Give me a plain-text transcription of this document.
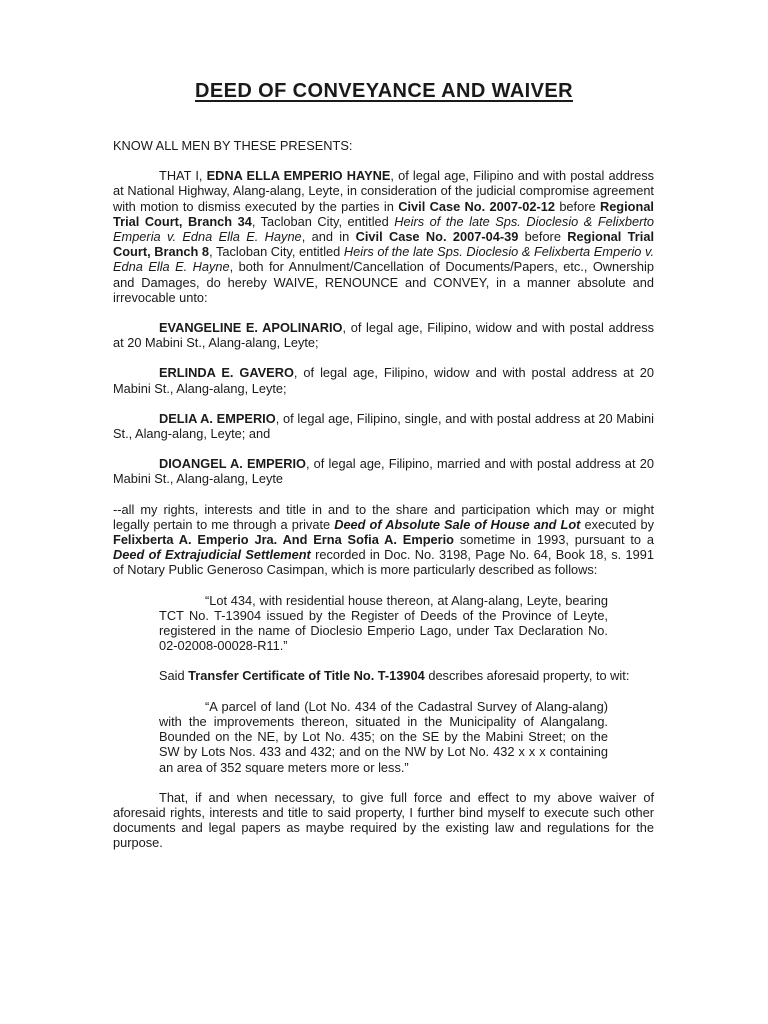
DEED OF CONVEYANCE AND WAIVER

KNOW ALL MEN BY THESE PRESENTS:

THAT I, EDNA ELLA EMPERIO HAYNE, of legal age, Filipino and with postal address at National Highway, Alang-alang, Leyte, in consideration of the judicial compromise agreement with motion to dismiss executed by the parties in Civil Case No. 2007-02-12 before Regional Trial Court, Branch 34, Tacloban City, entitled Heirs of the late Sps. Dioclesio & Felixberto Emperia v. Edna Ella E. Hayne, and in Civil Case No. 2007-04-39 before Regional Trial Court, Branch 8, Tacloban City, entitled Heirs of the late Sps. Dioclesio & Felixberta Emperio v. Edna Ella E. Hayne, both for Annulment/Cancellation of Documents/Papers, etc., Ownership and Damages, do hereby WAIVE, RENOUNCE and CONVEY, in a manner absolute and irrevocable unto:

EVANGELINE E. APOLINARIO, of legal age, Filipino, widow and with postal address at 20 Mabini St., Alang-alang, Leyte;

ERLINDA E. GAVERO, of legal age, Filipino, widow and with postal address at 20 Mabini St., Alang-alang, Leyte;

DELIA A. EMPERIO, of legal age, Filipino, single, and with postal address at 20 Mabini St., Alang-alang, Leyte; and

DIOANGEL A. EMPERIO, of legal age, Filipino, married and with postal address at 20 Mabini St., Alang-alang, Leyte

--all my rights, interests and title in and to the share and participation which may or might legally pertain to me through a private Deed of Absolute Sale of House and Lot executed by Felixberta A. Emperio Jra. And Erna Sofia A. Emperio sometime in 1993, pursuant to a Deed of Extrajudicial Settlement recorded in Doc. No. 3198, Page No. 64, Book 18, s. 1991 of Notary Public Generoso Casimpan, which is more particularly described as follows:

“Lot 434, with residential house thereon, at Alang-alang, Leyte, bearing TCT No. T-13904 issued by the Register of Deeds of the Province of Leyte, registered in the name of Dioclesio Emperio Lago, under Tax Declaration No. 02-02008-00028-R11.”

Said Transfer Certificate of Title No. T-13904 describes aforesaid property, to wit:

“A parcel of land (Lot No. 434 of the Cadastral Survey of Alang-alang) with the improvements thereon, situated in the Municipality of Alangalang. Bounded on the NE, by Lot No. 435; on the SE by the Mabini Street; on the SW by Lots Nos. 433 and 432; and on the NW by Lot No. 432 x x x containing an area of 352 square meters more or less.”

That, if and when necessary, to give full force and effect to my above waiver of aforesaid rights, interests and title to said property, I further bind myself to execute such other documents and legal papers as maybe required by the existing law and regulations for the purpose.
